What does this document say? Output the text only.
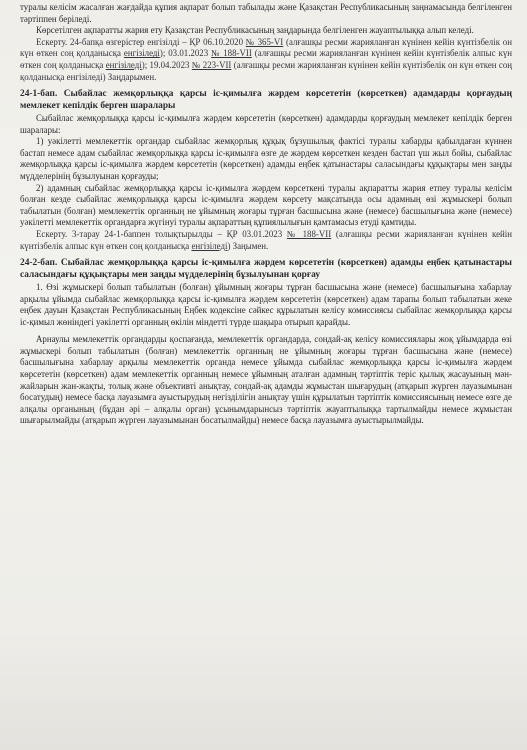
туралы келісім жасалған жағдайда құпия ақпарат болып табылады және Қазақстан Республикасының заңнамасында белгіленген тәртіппен беріледі.

Көрсетілген ақпаратты жария ету Қазақстан Республикасының заңдарында белгіленген жауаптылыққа алып келеді.

Ескерту. 24-бапқа өзгерістер енгізілді – ҚР 06.10.2020 № 365-VI (алғашқы ресми жарияланған күнінен кейін күнтізбелік он күн өткен соң қолданысқа енгізіледі); 03.01.2023 № 188-VII (алғашқы ресми жарияланған күнінен кейін күнтізбелік алпыс күн өткен соң қолданысқа енгізіледі); 19.04.2023 № 223-VII (алғашқы ресми жарияланған күнінен кейін күнтізбелік он күн өткен соң қолданысқа енгізіледі) Заңдарымен.

24-1-бап. Сыбайлас жемқорлыққа қарсы іс-қимылға жәрдем көрсететін (көрсеткен) адамдарды қорғаудың мемлекет кепілдік берген шаралары

Сыбайлас жемқорлыққа қарсы іс-қимылға жәрдем көрсететін (көрсеткен) адамдарды қорғаудың мемлекет кепілдік берген шаралары:

1) уәкілетті мемлекеттік органдар сыбайлас жемқорлық құқық бұзушылық фактісі туралы хабарды қабылдаған күннен бастап немесе адам сыбайлас жемқорлыққа қарсы іс-қимылға өзге де жәрдем көрсеткен кезден бастап үш жыл бойы, сыбайлас жемқорлыққа қарсы іс-қимылға жәрдем көрсететін (көрсеткен) адамды еңбек қатынастары саласындағы құқықтары мен заңды мүдделерінің бұзылуынан қорғауды;

2) адамның сыбайлас жемқорлыққа қарсы іс-қимылға жәрдем көрсеткені туралы ақпаратты жария етпеу туралы келісім болған кезде сыбайлас жемқорлыққа қарсы іс-қимылға жәрдем көрсету мақсатында осы адамның өзі жұмыскері болып табылатын (болған) мемлекеттік органның не ұйымның жоғары тұрған басшысына және (немесе) басшылығына және (немесе) уәкілетті мемлекеттік органдарға жүгінуі туралы ақпараттың құпиялылығын қамтамасыз етуді қамтиды.

Ескерту. 3-тарау 24-1-баппен толықтырылды – ҚР 03.01.2023 № 188-VII (алғашқы ресми жарияланған күнінен кейін күнтізбелік алпыс күн өткен соң қолданысқа енгізіледі) Заңымен.

24-2-бап. Сыбайлас жемқорлыққа қарсы іс-қимылға жәрдем көрсететін (көрсеткен) адамды еңбек қатынастары саласындағы құқықтары мен заңды мүдделерінің бұзылуынан қорғау

1. Өзі жұмыскері болып табылатын (болған) ұйымның жоғары тұрған басшысына және (немесе) басшылығына хабарлау арқылы ұйымда сыбайлас жемқорлыққа қарсы іс-қимылға жәрдем көрсететін (көрсеткен) адам тарапы болып табылатын жеке еңбек дауын Қазақстан Республикасының Еңбек кодексіне сәйкес құрылатын келісу комиссиясы сыбайлас жемқорлыққа қарсы іс-қимыл жөніндегі уәкілетті органның өкілін міндетті түрде шақыра отырып қарайды.

Арнаулы мемлекеттік органдарды қоспағанда, мемлекеттік органдарда, сондай-ақ келісу комиссиялары жоқ ұйымдарда өзі жұмыскері болып табылатын (болған) мемлекеттік органның не ұйымның жоғары тұрған басшысына және (немесе) басшылығына хабарлау арқылы мемлекеттік органда немесе ұйымда сыбайлас жемқорлыққа қарсы іс-қимылға жәрдем көрсететін (көрсеткен) адам мемлекеттік органның немесе ұйымның аталған адамның тәртіптік теріс қылық жасауының мән-жайларын жан-жақты, толық және объективті анықтау, сондай-ақ адамды жұмыстан шығарудың (атқарып жүрген лауазымынан босатудың) немесе басқа лауазымға ауыстырудың негізділігін анықтау үшін құрылатын тәртіптік комиссиясының немесе өзге де алқалы органының (бұдан әрі – алқалы орган) ұсынымдарынсыз тәртіптік жауаптылыққа тартылмайды немесе жұмыстан шығарылмайды (атқарып жүрген лауазымынан босатылмайды) немесе басқа лауазымға ауыстырылмайды.
